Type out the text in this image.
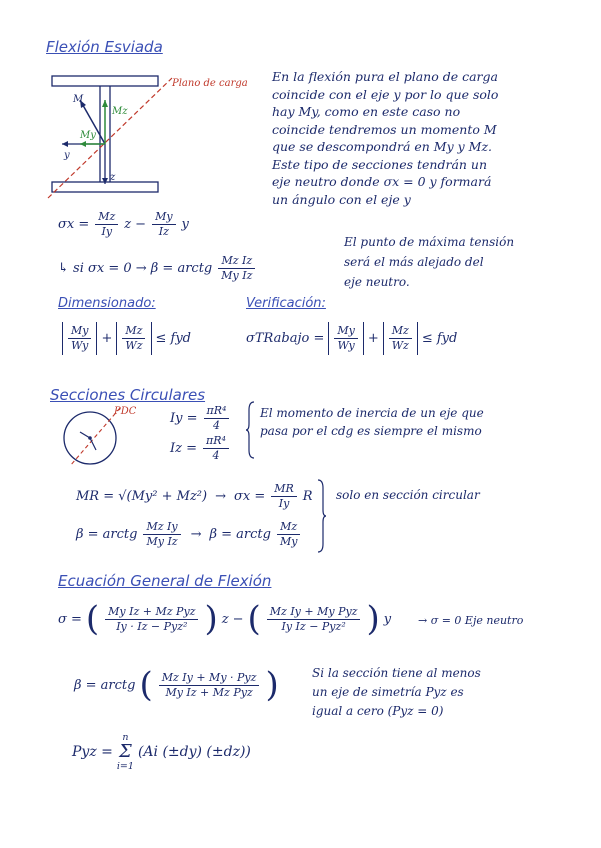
Flexión Esviada
Plano de carga
M
Mz
My
y
z
En la flexión pura el plano de carga
coincide con el eje y por lo que solo
hay My, como en este caso no
coincide tendremos un momento M
que se descompondrá en My y Mz.
Este tipo de secciones tendrán un
eje neutro donde σx = 0 y formará
un ángulo con el eje y
$\sigma x = \frac{Mz}{Iy}$ $z - \frac{My}{Iz}$ y
↳ si σx = 0 → β = arctg $\frac{\text{Mz Iz}}{\text{My Iz}}$
El punto de máxima tensión
será el más alejado del
eje neutro.
Dimensionado:	Verificación:
$\frac{My}{Wy} + \frac{Mz}{Wz}$ ≤ fyd	σTRabajo = $\frac{My}{Wy} + \frac{Mz}{Wz}$ ≤ fyd
Secciones Circulares
PDC	$Iy = \frac{\text{πR⁴}}{4}$
$Iz = \frac{\text{πR⁴}}{4}$
El momento de inercia de un eje que
pasa por el cdg es siempre el mismo
MR = $√(My^2 + Mz^2) \to \sigma x = \frac{MR}{Iy}$ R
β = arctg $\frac{\text{Mz Iy}}{\text{My Iz}} \to \beta$ = arctg $\frac{Mz}{My}$
solo en sección circular
Ecuación General de Flexión
σ = ( $\frac{\text{My Iz + Mz Pyz}}{\text{Iy · Iz − Pyz²}}$ ) z − ( $\frac{\text{Mz Iy + My Pyz}}{\text{Iy Iz − Pyz²}}$ ) y → σ = 0 Eje neutro
β = arctg ( $\frac{\text{Mz Iy + My · Pyz}}{\text{My Iz + Mz Pyz}}$ )	Si la sección tiene al menos
un eje de simetría Pyz es
igual a cero (Pyz = 0)
Pyz =
n
Σ
i=1
(Ai (±dy) (±dz))
